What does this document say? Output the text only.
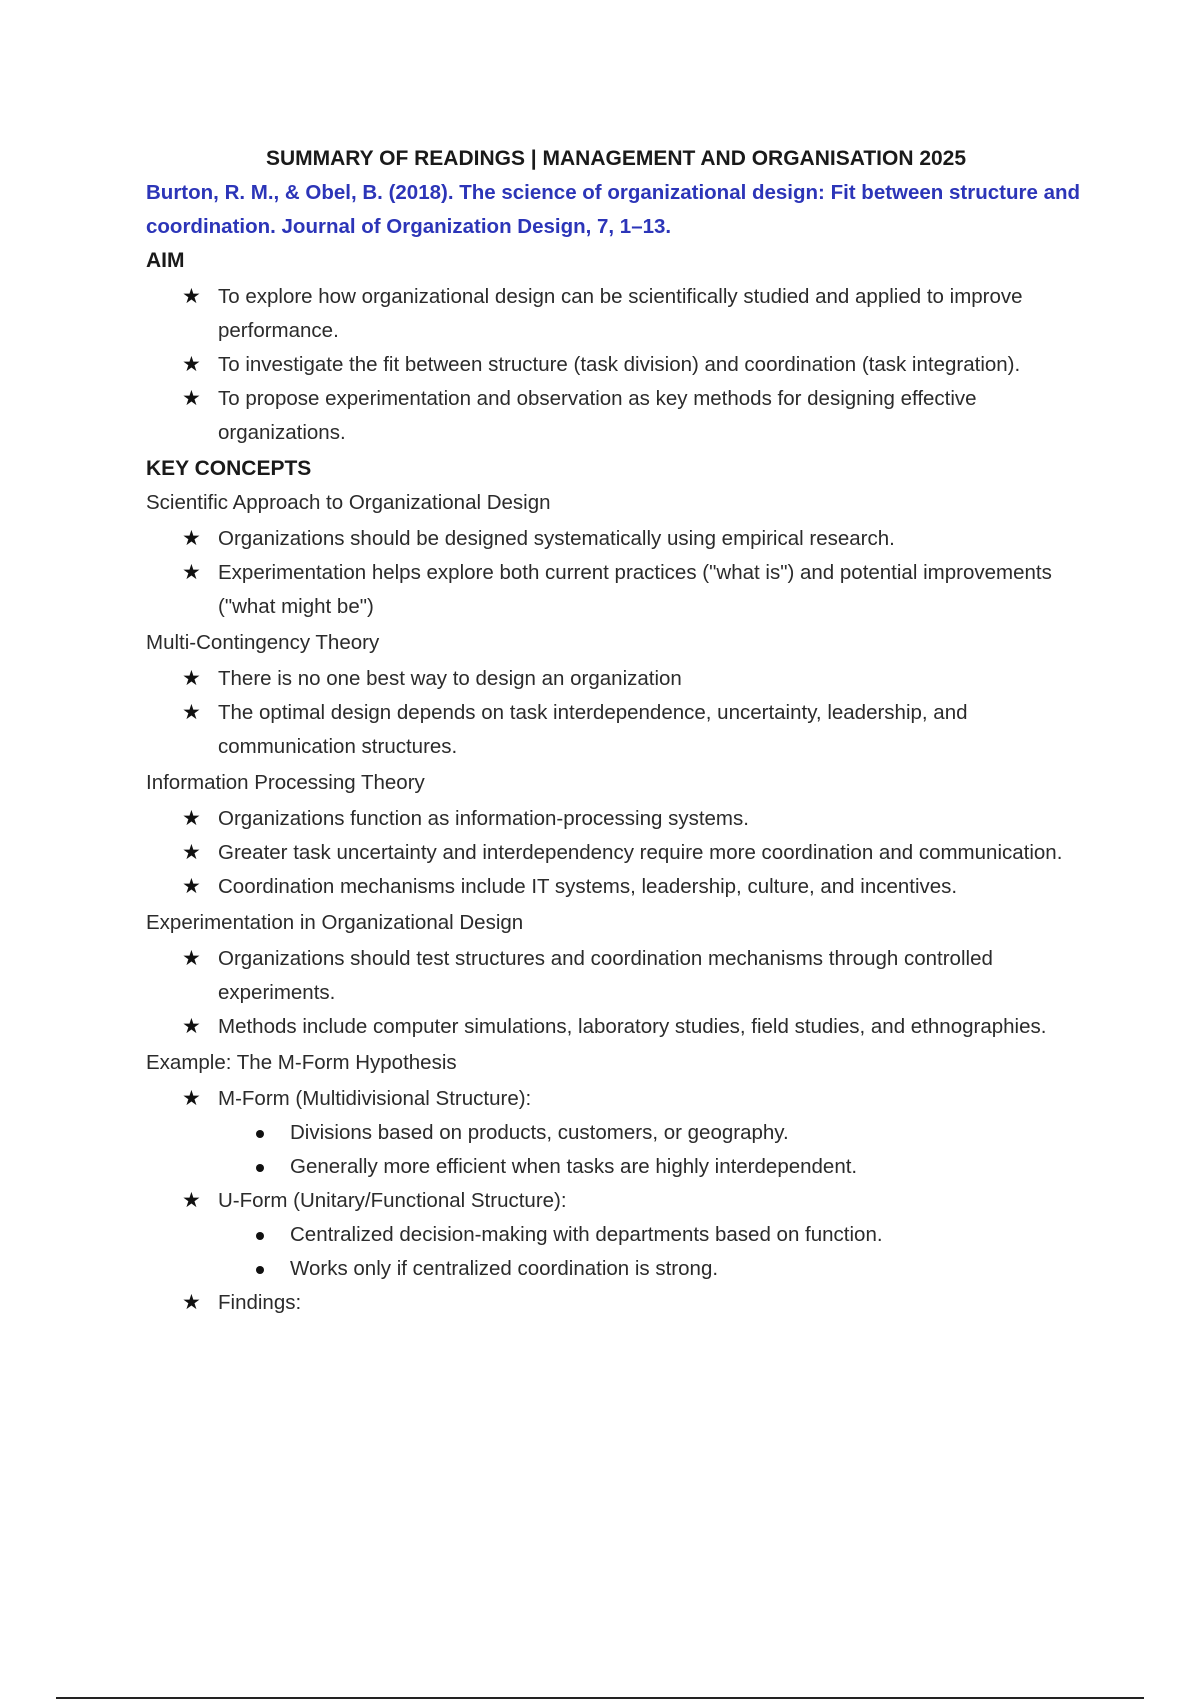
SUMMARY OF READINGS | MANAGEMENT AND ORGANISATION 2025
Burton, R. M., & Obel, B. (2018). The science of organizational design: Fit between structure and coordination. Journal of Organization Design, 7, 1–13.
AIM
★ To explore how organizational design can be scientifically studied and applied to improve performance.
★ To investigate the fit between structure (task division) and coordination (task integration).
★ To propose experimentation and observation as key methods for designing effective organizations.
KEY CONCEPTS
Scientific Approach to Organizational Design
★ Organizations should be designed systematically using empirical research.
★ Experimentation helps explore both current practices ("what is") and potential improvements ("what might be")
Multi-Contingency Theory
★ There is no one best way to design an organization
★ The optimal design depends on task interdependence, uncertainty, leadership, and communication structures.
Information Processing Theory
★ Organizations function as information-processing systems.
★ Greater task uncertainty and interdependency require more coordination and communication.
★ Coordination mechanisms include IT systems, leadership, culture, and incentives.
Experimentation in Organizational Design
★ Organizations should test structures and coordination mechanisms through controlled experiments.
★ Methods include computer simulations, laboratory studies, field studies, and ethnographies.
Example: The M-Form Hypothesis
★ M-Form (Multidivisional Structure):
Divisions based on products, customers, or geography.
Generally more efficient when tasks are highly interdependent.
★ U-Form (Unitary/Functional Structure):
Centralized decision-making with departments based on function.
Works only if centralized coordination is strong.
★ Findings:
